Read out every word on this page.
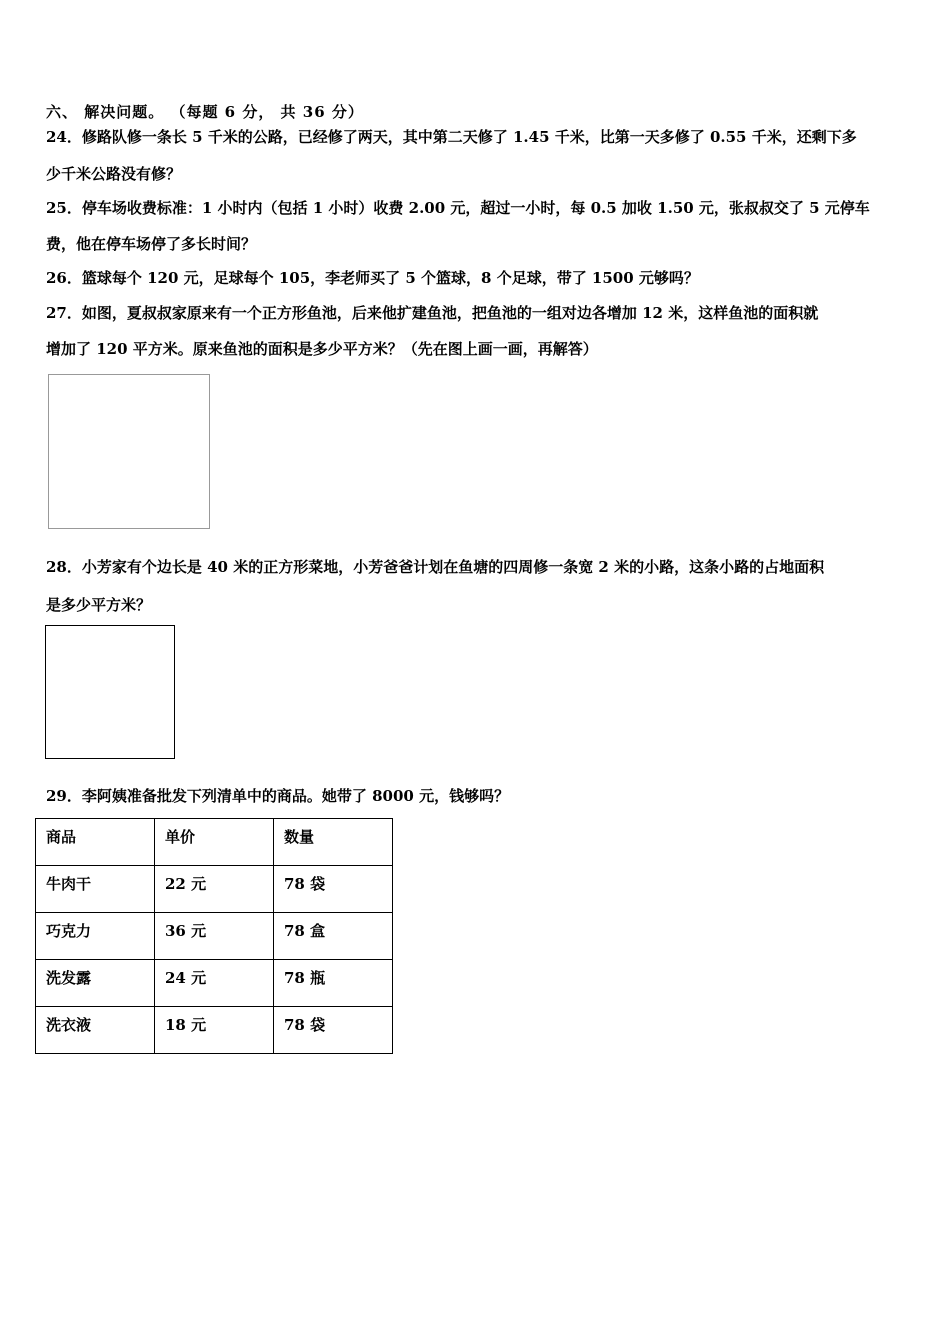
六、 解决问题。 （每题 6 分， 共 36 分）
24．修路队修一条长 5 千米的公路，已经修了两天，其中第二天修了 1.45 千米，比第一天多修了 0.55 千米，还剩下多
少千米公路没有修？
25．停车场收费标准：1 小时内（包括 1 小时）收费 2.00 元，超过一小时，每 0.5 加收 1.50 元，张叔叔交了 5 元停车
费，他在停车场停了多长时间？
26．篮球每个 120 元，足球每个 105，李老师买了 5 个篮球，8 个足球，带了 1500 元够吗？
27．如图，夏叔叔家原来有一个正方形鱼池，后来他扩建鱼池，把鱼池的一组对边各增加 12 米，这样鱼池的面积就
增加了 120 平方米。原来鱼池的面积是多少平方米？（先在图上画一画，再解答）
28．小芳家有个边长是 40 米的正方形菜地，小芳爸爸计划在鱼塘的四周修一条宽 2 米的小路，这条小路的占地面积
是多少平方米？
29．李阿姨准备批发下列清单中的商品。她带了 8000 元，钱够吗？
商品	单价	数量
牛肉干	22 元	78 袋
巧克力	36 元	78 盒
洗发露	24 元	78 瓶
洗衣液	18 元	78 袋
